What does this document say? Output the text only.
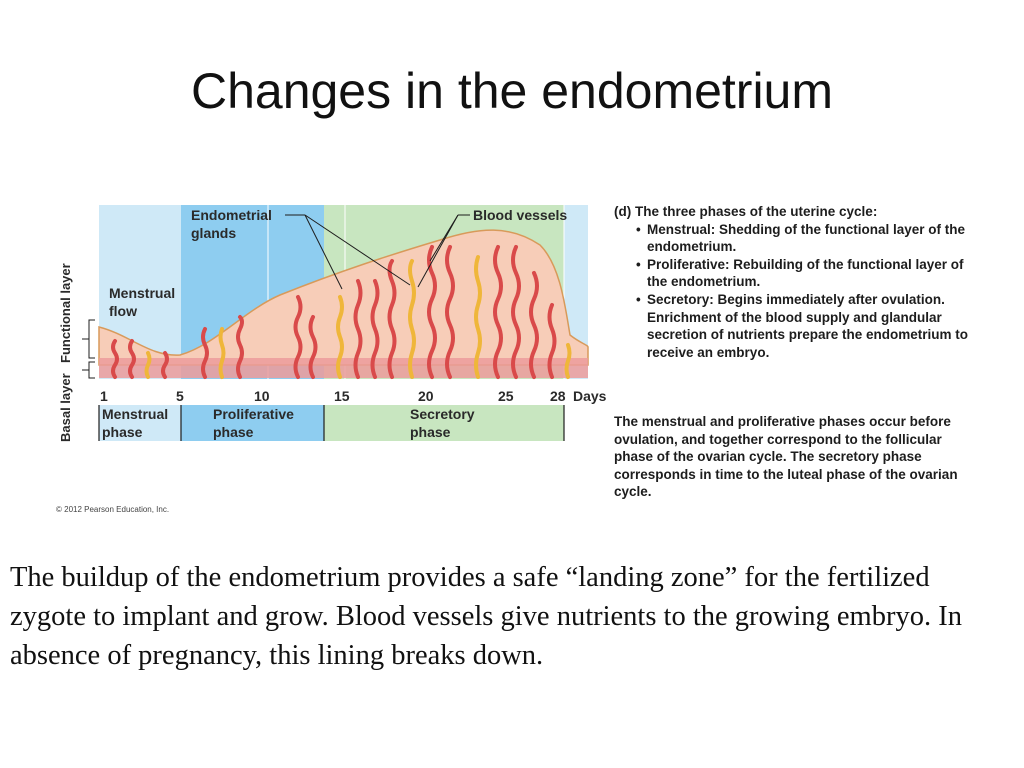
Changes in the endometrium
Endometrial
glands
Blood vessels
Menstrual
flow
Functional layer
Basal layer 1	5	10	15	20	25	28 Days
Menstrual
phase
Proliferative
phase
Secretory
phase

(d) The three phases of the uterine cycle:

• Menstrual: Shedding of the functional layer of the endometrium.
• Proliferative: Rebuilding of the functional layer of the endometrium.
• Secretory: Begins immediately after ovulation. Enrichment of the blood supply and glandular secretion of nutrients prepare the endometrium to receive an embryo.
The menstrual and proliferative phases occur before ovulation, and together correspond to the follicular phase of the ovarian cycle. The secretory phase corresponds in time to the luteal phase of the ovarian cycle.
© 2012 Pearson Education, Inc.
The buildup of the endometrium provides a safe “landing zone” for the fertilized zygote to implant and grow. Blood vessels give nutrients to the growing embryo. In absence of pregnancy, this lining breaks down.
